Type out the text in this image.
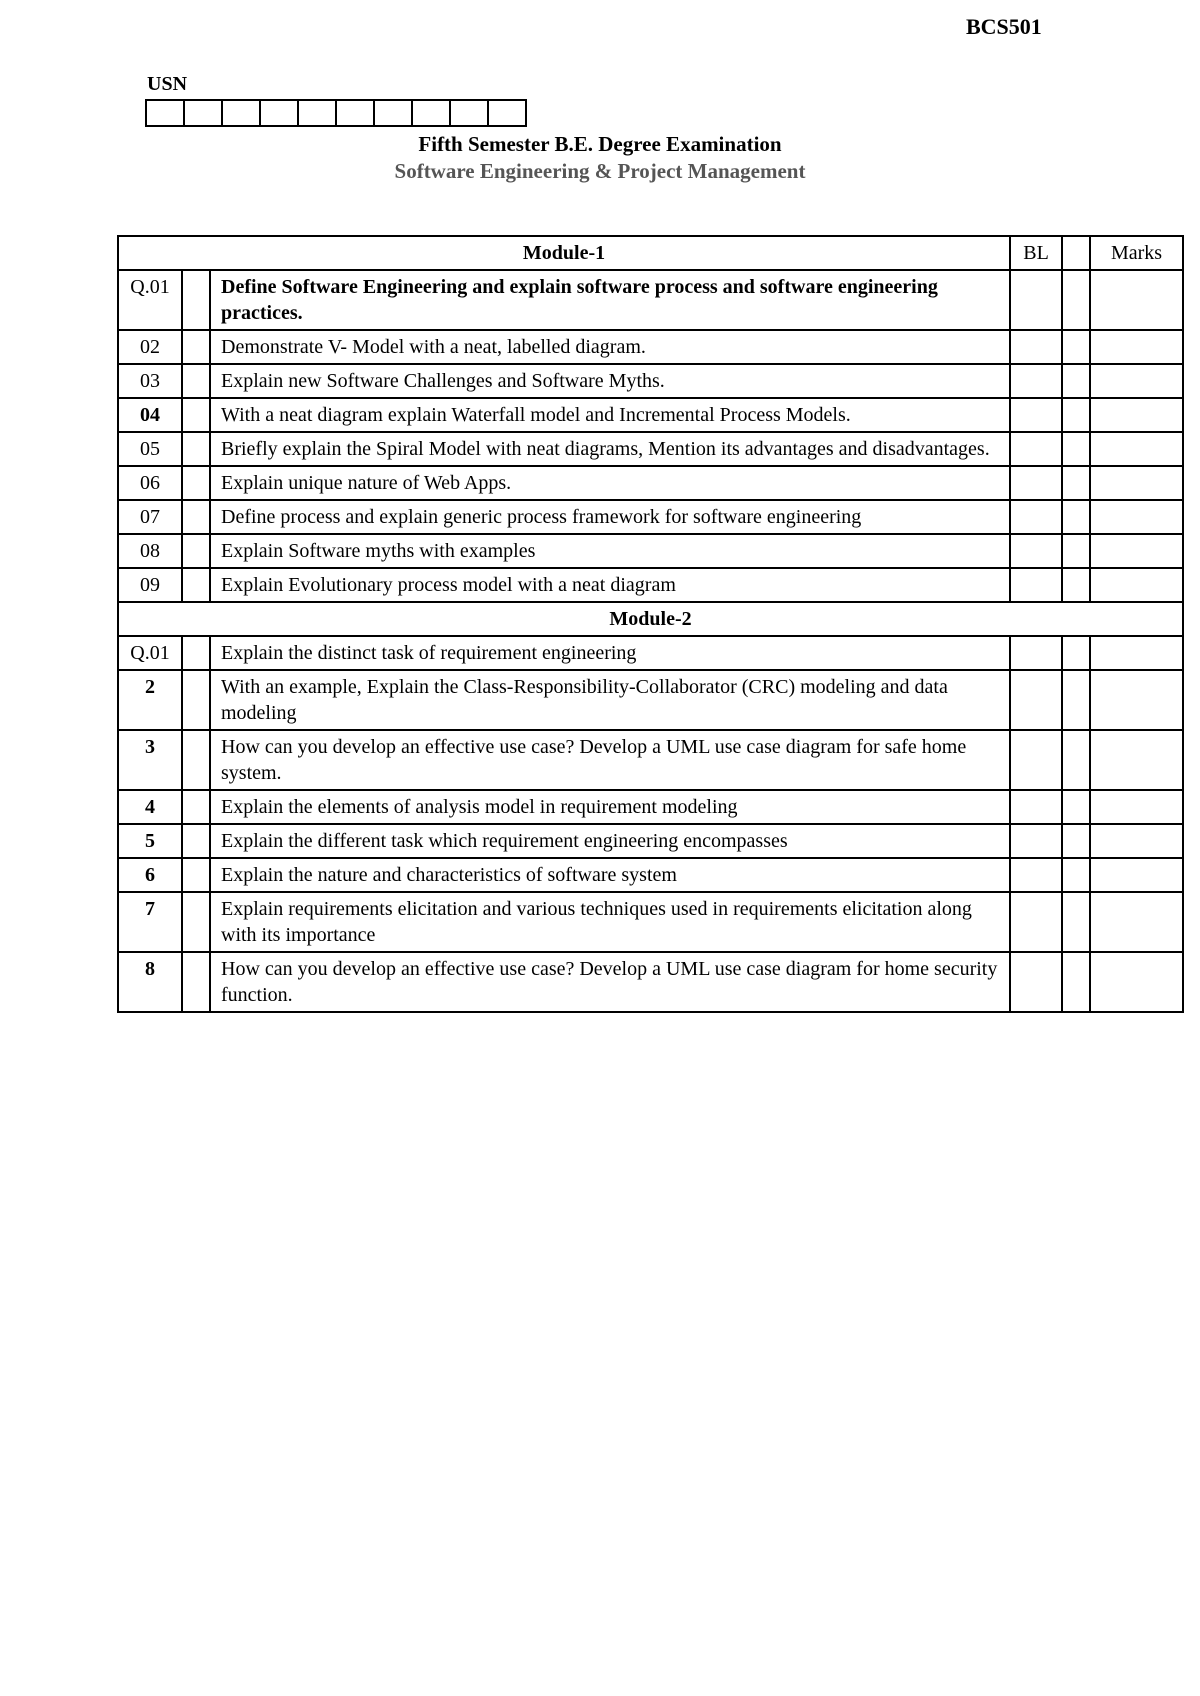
BCS501
USN
Fifth Semester B.E. Degree Examination
Software Engineering & Project Management
Module-1			BL		Marks
Q.01		Define Software Engineering and explain software process and software engineering practices.			
02		Demonstrate V- Model with a neat, labelled diagram.			
03		Explain new Software Challenges and Software Myths.			
04		With a neat diagram explain Waterfall model and Incremental Process Models.			
05		Briefly explain the Spiral Model with neat diagrams, Mention its advantages and disadvantages.			
06		Explain unique nature of Web Apps.			
07		Define process and explain generic process framework for software engineering			
08		Explain Software myths with examples			
09		Explain Evolutionary process model with a neat diagram			
Module-2					
Q.01		Explain the distinct task of requirement engineering			
2		With an example, Explain the Class-Responsibility-Collaborator (CRC) modeling and data modeling			
3		How can you develop an effective use case? Develop a UML use case diagram for safe home system.			
4		Explain the elements of analysis model in requirement modeling			
5		Explain the different task which requirement engineering encompasses			
6		Explain the nature and characteristics of software system			
7		Explain requirements elicitation and various techniques used in requirements elicitation along with its importance			
8		How can you develop an effective use case? Develop a UML use case diagram for home security function.			
